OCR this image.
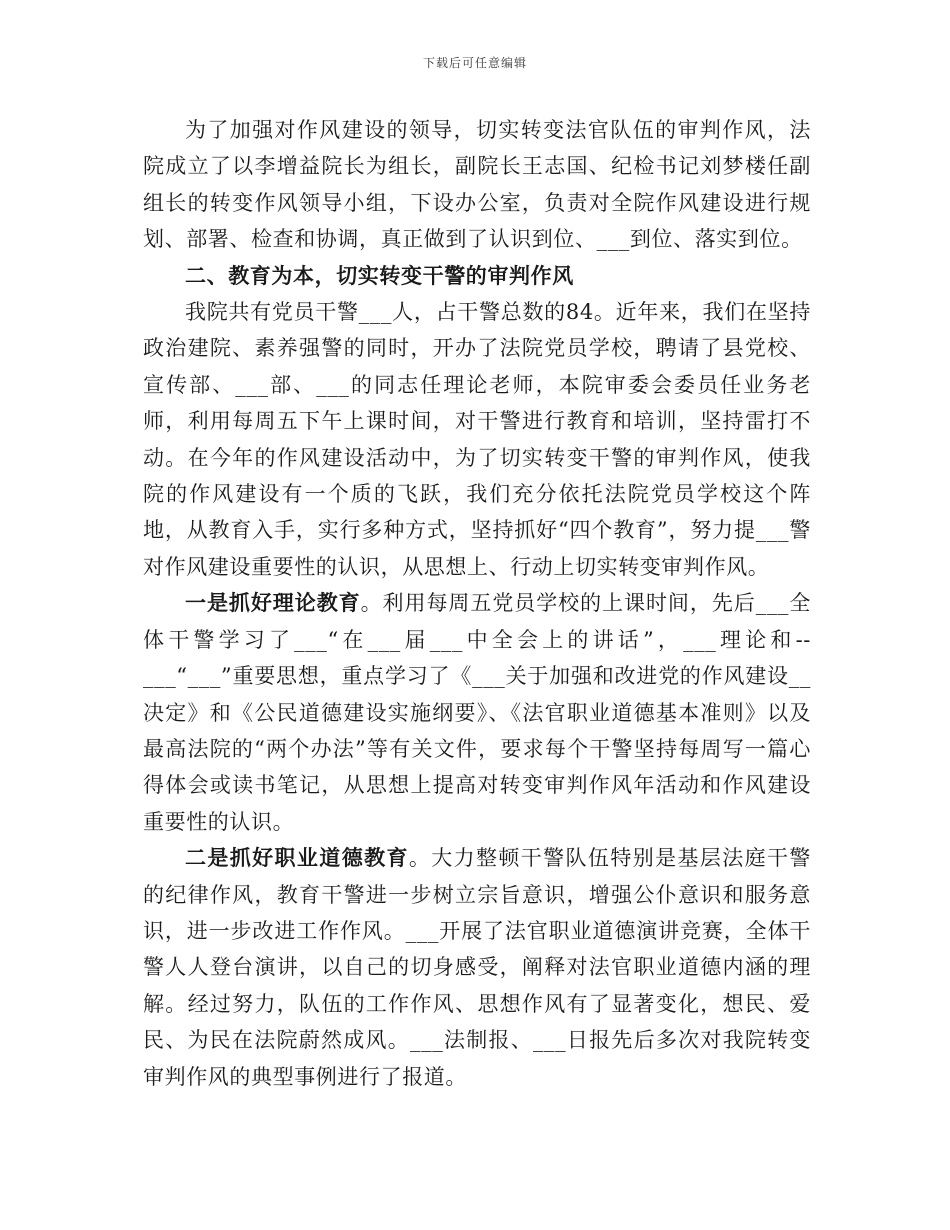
下载后可任意编辑

为了加强对作风建设的领导，切实转变法官队伍的审判作风，法院成立了以李增益院长为组长，副院长王志国、纪检书记刘梦楼任副组长的转变作风领导小组，下设办公室，负责对全院作风建设进行规划、部署、检查和协调，真正做到了认识到位、___到位、落实到位。

二、教育为本，切实转变干警的审判作风

我院共有党员干警___人，占干警总数的84。近年来，我们在坚持政治建院、素养强警的同时，开办了法院党员学校，聘请了县党校、宣传部、___部、___的同志任理论老师，本院审委会委员任业务老师，利用每周五下午上课时间，对干警进行教育和培训，坚持雷打不动。在今年的作风建设活动中，为了切实转变干警的审判作风，使我院的作风建设有一个质的飞跃，我们充分依托法院党员学校这个阵地，从教育入手，实行多种方式，坚持抓好“四个教育”，努力提___警对作风建设重要性的认识，从思想上、行动上切实转变审判作风。

一是抓好理论教育。利用每周五党员学校的上课时间，先后___全体干警学习了___“在___届___中全会上的讲话”，___理论和--___“___”重要思想，重点学习了《___关于加强和改进党的作风建设__决定》和《公民道德建设实施纲要》、《法官职业道德基本准则》以及最高法院的“两个办法”等有关文件，要求每个干警坚持每周写一篇心得体会或读书笔记，从思想上提高对转变审判作风年活动和作风建设重要性的认识。

二是抓好职业道德教育。大力整顿干警队伍特别是基层法庭干警的纪律作风，教育干警进一步树立宗旨意识，增强公仆意识和服务意识，进一步改进工作作风。___开展了法官职业道德演讲竞赛，全体干警人人登台演讲，以自己的切身感受，阐释对法官职业道德内涵的理解。经过努力，队伍的工作作风、思想作风有了显著变化，想民、爱民、为民在法院蔚然成风。___法制报、___日报先后多次对我院转变审判作风的典型事例进行了报道。
